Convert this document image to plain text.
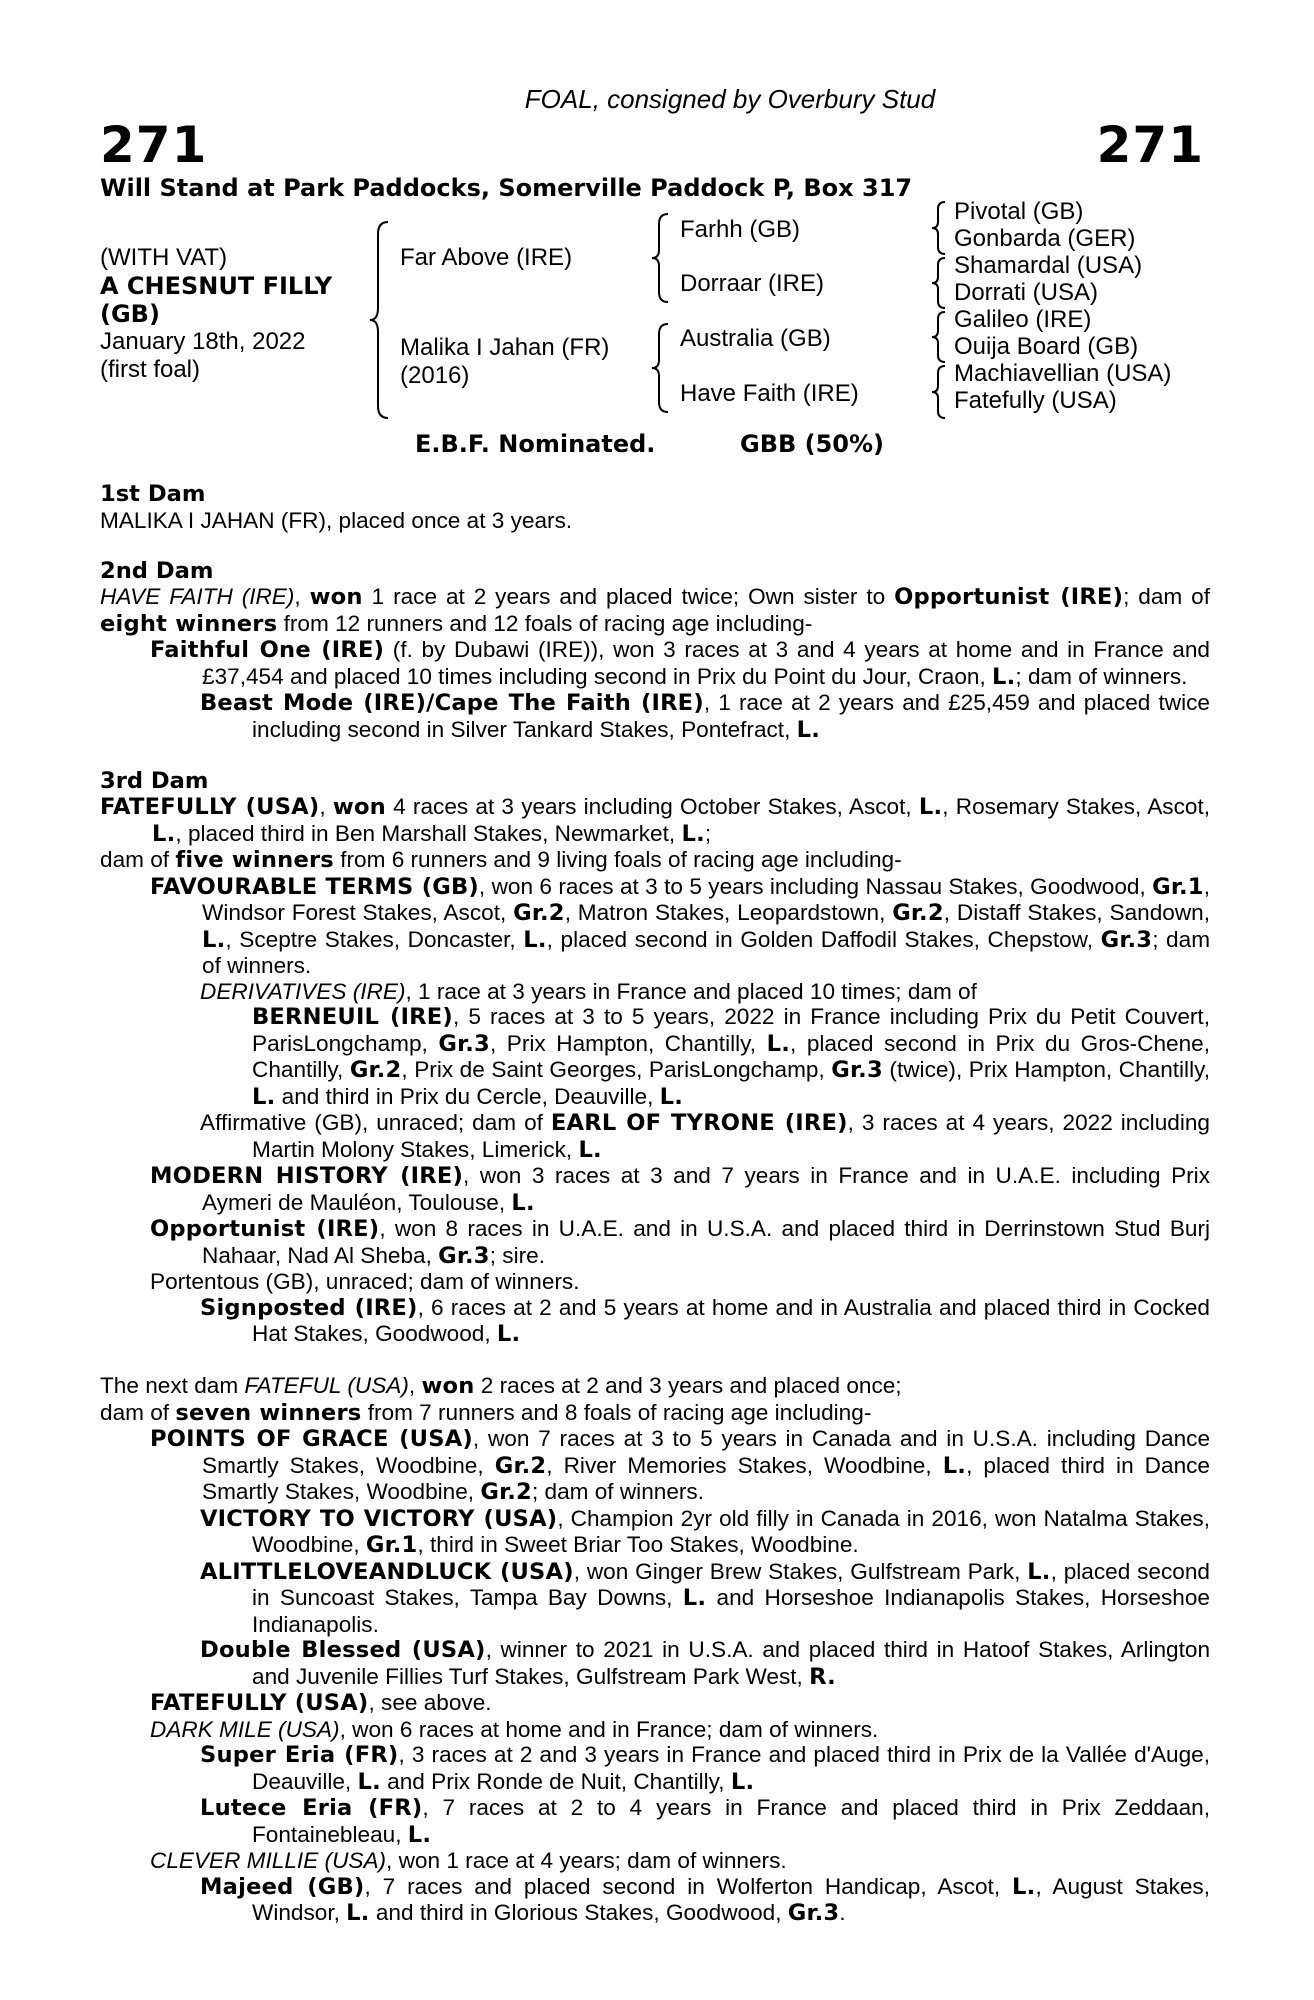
FOAL, consigned by Overbury Stud
271	271
Will Stand at Park Paddocks, Somerville Paddock P, Box 317
(WITH VAT)
A CHESNUT FILLY
(GB)
January 18th, 2022
(first foal)
Far Above (IRE)
Malika I Jahan (FR)
(2016)
Farhh (GB)
Dorraar (IRE)
Australia (GB)
Have Faith (IRE)
Pivotal (GB)
Gonbarda (GER)
Shamardal (USA)
Dorrati (USA)
Galileo (IRE)
Ouija Board (GB)
Machiavellian (USA)
Fatefully (USA)
E.B.F. Nominated.	GBB (50%)
1st Dam

MALIKA I JAHAN (FR), placed once at 3 years.

2nd Dam

HAVE FAITH (IRE), won 1 race at 2 years and placed twice; Own sister to Opportunist (IRE); dam of eight winners from 12 runners and 12 foals of racing age including-

Faithful One (IRE) (f. by Dubawi (IRE)), won 3 races at 3 and 4 years at home and in France and £37,454 and placed 10 times including second in Prix du Point du Jour, Craon, L.; dam of winners.

Beast Mode (IRE)/Cape The Faith (IRE), 1 race at 2 years and £25,459 and placed twice including second in Silver Tankard Stakes, Pontefract, L.

3rd Dam

FATEFULLY (USA), won 4 races at 3 years including October Stakes, Ascot, L., Rosemary Stakes, Ascot, L., placed third in Ben Marshall Stakes, Newmarket, L.;

dam of five winners from 6 runners and 9 living foals of racing age including-

FAVOURABLE TERMS (GB), won 6 races at 3 to 5 years including Nassau Stakes, Goodwood, Gr.1, Windsor Forest Stakes, Ascot, Gr.2, Matron Stakes, Leopardstown, Gr.2, Distaff Stakes, Sandown, L., Sceptre Stakes, Doncaster, L., placed second in Golden Daffodil Stakes, Chepstow, Gr.3; dam of winners.

DERIVATIVES (IRE), 1 race at 3 years in France and placed 10 times; dam of

BERNEUIL (IRE), 5 races at 3 to 5 years, 2022 in France including Prix du Petit Couvert, ParisLongchamp, Gr.3, Prix Hampton, Chantilly, L., placed second in Prix du Gros-Chene, Chantilly, Gr.2, Prix de Saint Georges, ParisLongchamp, Gr.3 (twice), Prix Hampton, Chantilly, L. and third in Prix du Cercle, Deauville, L.

Affirmative (GB), unraced; dam of EARL OF TYRONE (IRE), 3 races at 4 years, 2022 including Martin Molony Stakes, Limerick, L.

MODERN HISTORY (IRE), won 3 races at 3 and 7 years in France and in U.A.E. including Prix Aymeri de Mauléon, Toulouse, L.

Opportunist (IRE), won 8 races in U.A.E. and in U.S.A. and placed third in Derrinstown Stud Burj Nahaar, Nad Al Sheba, Gr.3; sire.

Portentous (GB), unraced; dam of winners.

Signposted (IRE), 6 races at 2 and 5 years at home and in Australia and placed third in Cocked Hat Stakes, Goodwood, L.

The next dam FATEFUL (USA), won 2 races at 2 and 3 years and placed once;

dam of seven winners from 7 runners and 8 foals of racing age including-

POINTS OF GRACE (USA), won 7 races at 3 to 5 years in Canada and in U.S.A. including Dance Smartly Stakes, Woodbine, Gr.2, River Memories Stakes, Woodbine, L., placed third in Dance Smartly Stakes, Woodbine, Gr.2; dam of winners.

VICTORY TO VICTORY (USA), Champion 2yr old filly in Canada in 2016, won Natalma Stakes, Woodbine, Gr.1, third in Sweet Briar Too Stakes, Woodbine.

ALITTLELOVEANDLUCK (USA), won Ginger Brew Stakes, Gulfstream Park, L., placed second in Suncoast Stakes, Tampa Bay Downs, L. and Horseshoe Indianapolis Stakes, Horseshoe Indianapolis.

Double Blessed (USA), winner to 2021 in U.S.A. and placed third in Hatoof Stakes, Arlington and Juvenile Fillies Turf Stakes, Gulfstream Park West, R.

FATEFULLY (USA), see above.

DARK MILE (USA), won 6 races at home and in France; dam of winners.

Super Eria (FR), 3 races at 2 and 3 years in France and placed third in Prix de la Vallée d'Auge, Deauville, L. and Prix Ronde de Nuit, Chantilly, L.

Lutece Eria (FR), 7 races at 2 to 4 years in France and placed third in Prix Zeddaan, Fontainebleau, L.

CLEVER MILLIE (USA), won 1 race at 4 years; dam of winners.

Majeed (GB), 7 races and placed second in Wolferton Handicap, Ascot, L., August Stakes, Windsor, L. and third in Glorious Stakes, Goodwood, Gr.3.
